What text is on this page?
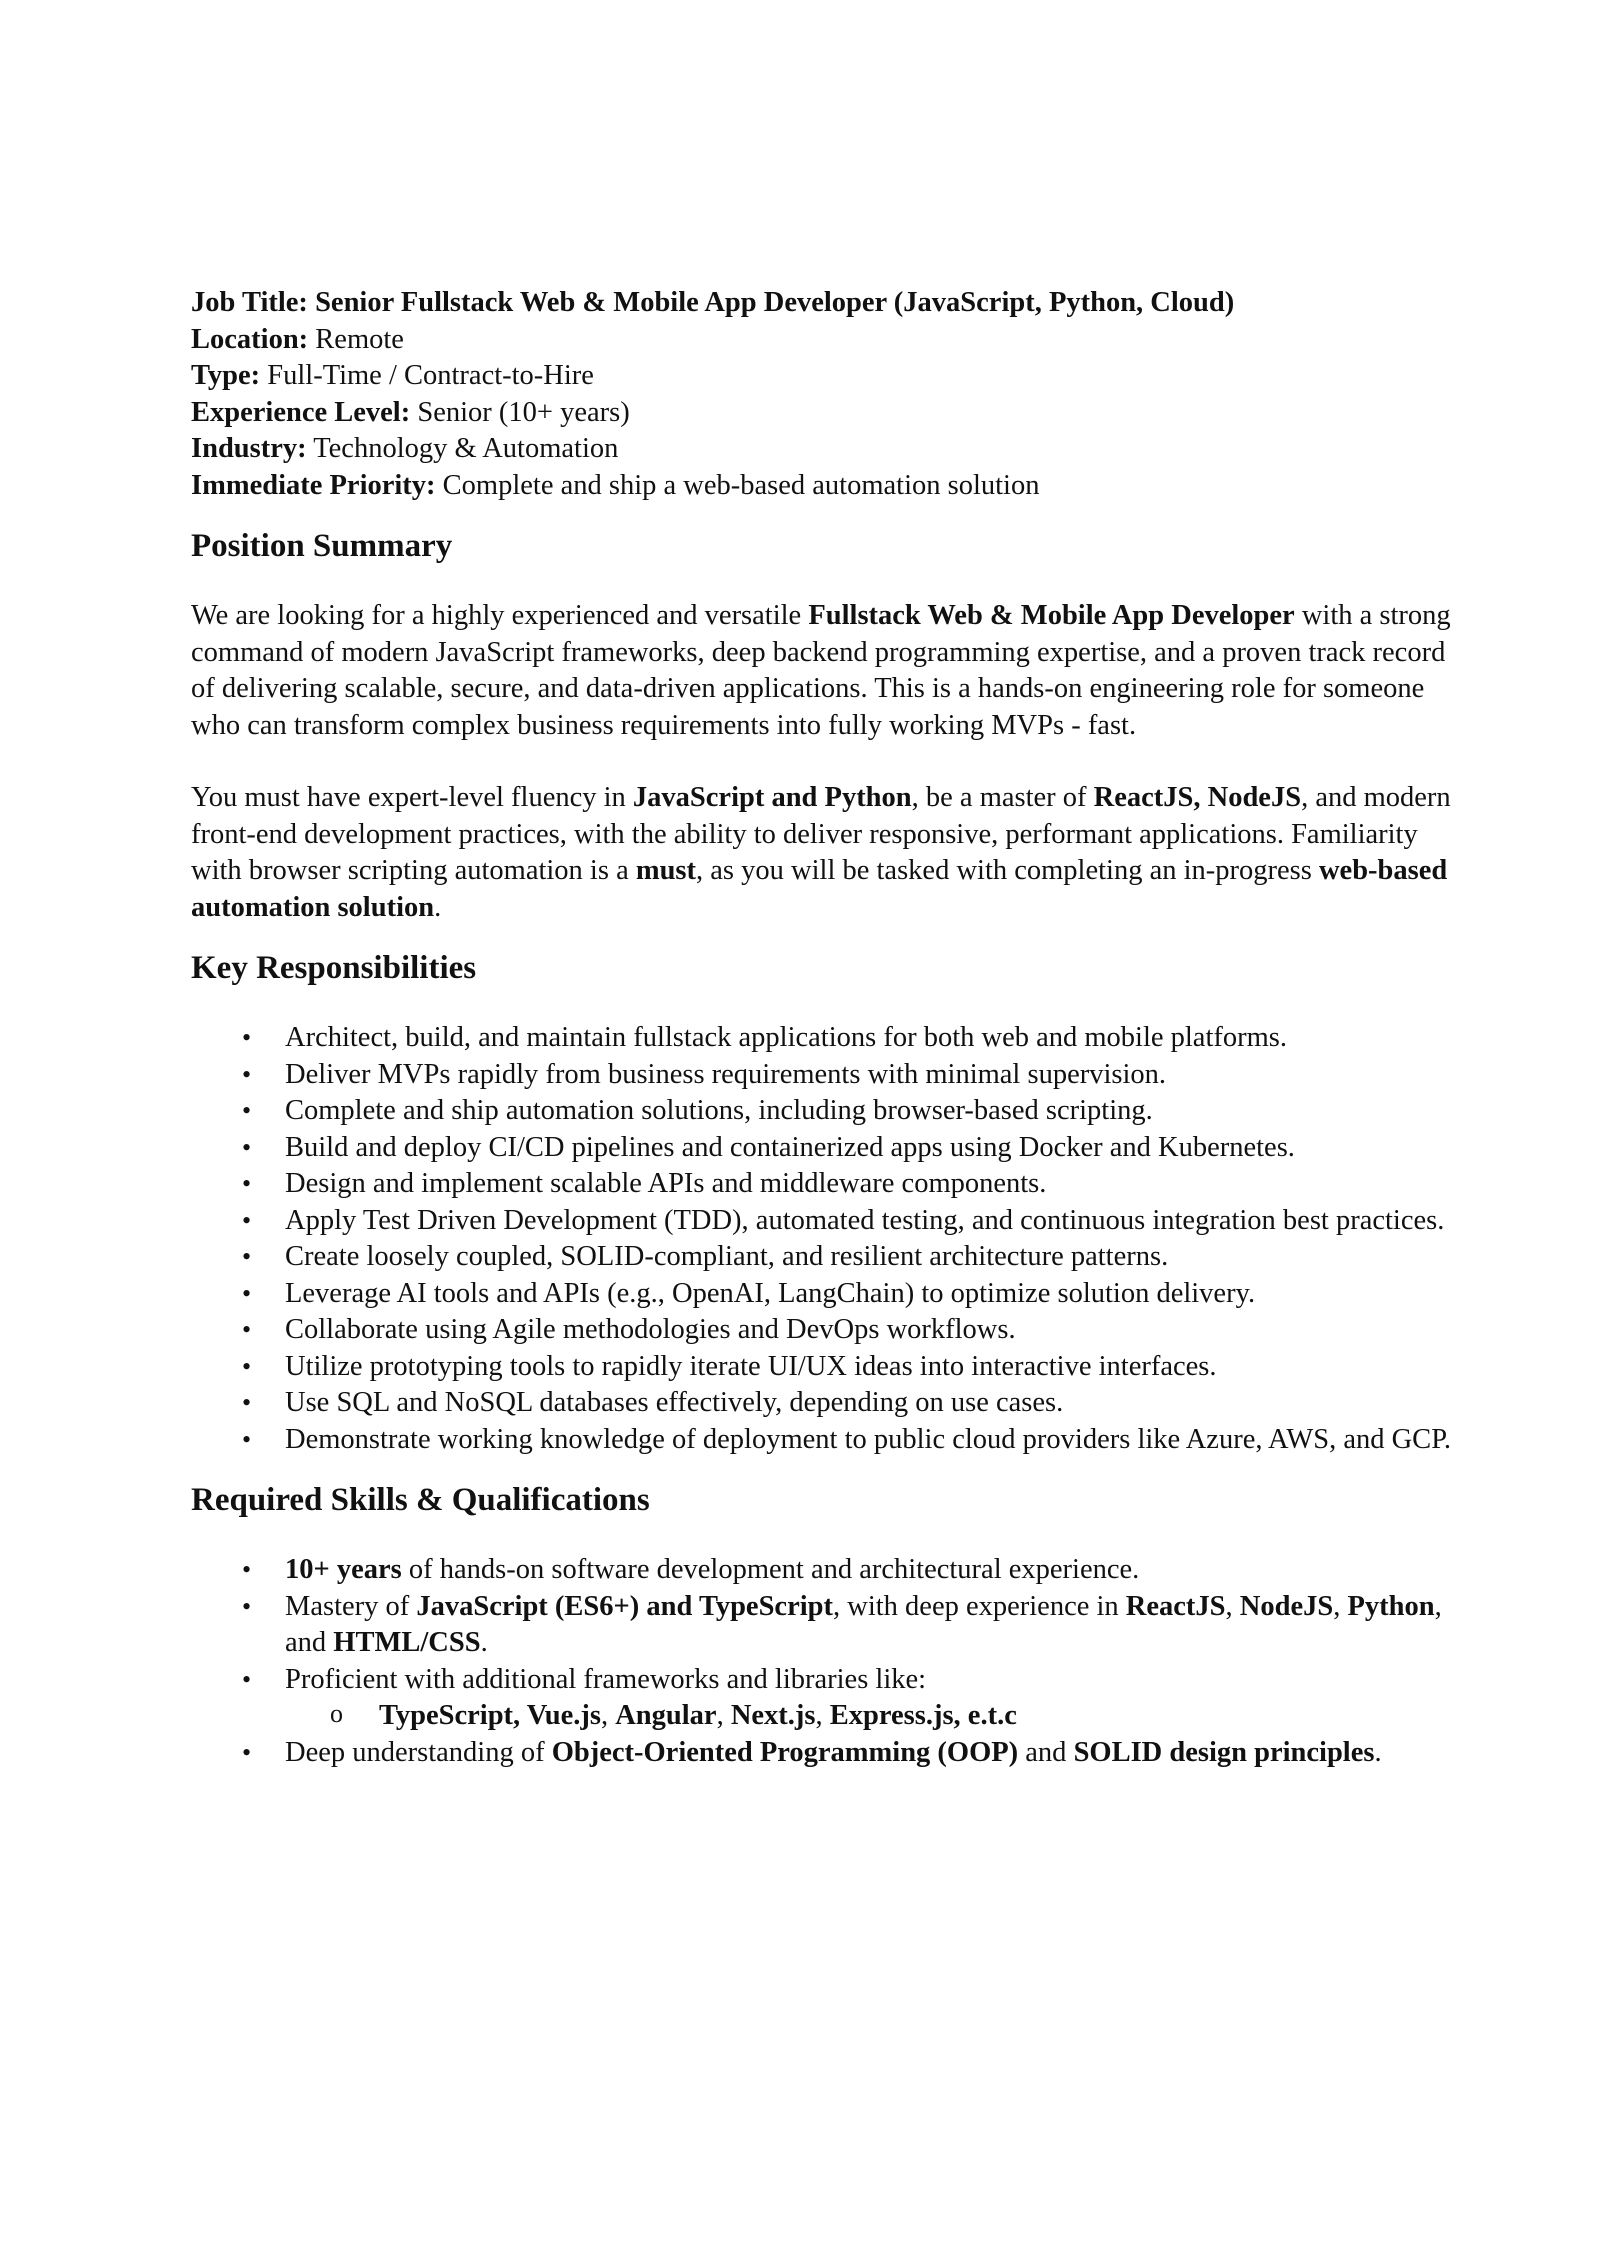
Job Title: Senior Fullstack Web & Mobile App Developer (JavaScript, Python, Cloud)

Location: Remote

Type: Full-Time / Contract-to-Hire

Experience Level: Senior (10+ years)

Industry: Technology & Automation

Immediate Priority: Complete and ship a web-based automation solution

Position Summary

We are looking for a highly experienced and versatile Fullstack Web & Mobile App Developer with a strong command of modern JavaScript frameworks, deep backend programming expertise, and a proven track record of delivering scalable, secure, and data-driven applications. This is a hands-on engineering role for someone who can transform complex business requirements into fully working MVPs - fast.

You must have expert-level fluency in JavaScript and Python, be a master of ReactJS, NodeJS, and modern front-end development practices, with the ability to deliver responsive, performant applications. Familiarity with browser scripting automation is a must, as you will be tasked with completing an in-progress web-based automation solution.

Key Responsibilities
• Architect, build, and maintain fullstack applications for both web and mobile platforms.
• Deliver MVPs rapidly from business requirements with minimal supervision.
• Complete and ship automation solutions, including browser-based scripting.
• Build and deploy CI/CD pipelines and containerized apps using Docker and Kubernetes.
• Design and implement scalable APIs and middleware components.
• Apply Test Driven Development (TDD), automated testing, and continuous integration best practices.
• Create loosely coupled, SOLID-compliant, and resilient architecture patterns.
• Leverage AI tools and APIs (e.g., OpenAI, LangChain) to optimize solution delivery.
• Collaborate using Agile methodologies and DevOps workflows.
• Utilize prototyping tools to rapidly iterate UI/UX ideas into interactive interfaces.
• Use SQL and NoSQL databases effectively, depending on use cases.
• Demonstrate working knowledge of deployment to public cloud providers like Azure, AWS, and GCP.
Required Skills & Qualifications
• 10+ years of hands-on software development and architectural experience.
• Mastery of JavaScript (ES6+) and TypeScript, with deep experience in ReactJS, NodeJS, Python, and HTML/CSS.
• Proficient with additional frameworks and libraries like:
o TypeScript, Vue.js, Angular, Next.js, Express.js, e.t.c
• Deep understanding of Object-Oriented Programming (OOP) and SOLID design principles.
